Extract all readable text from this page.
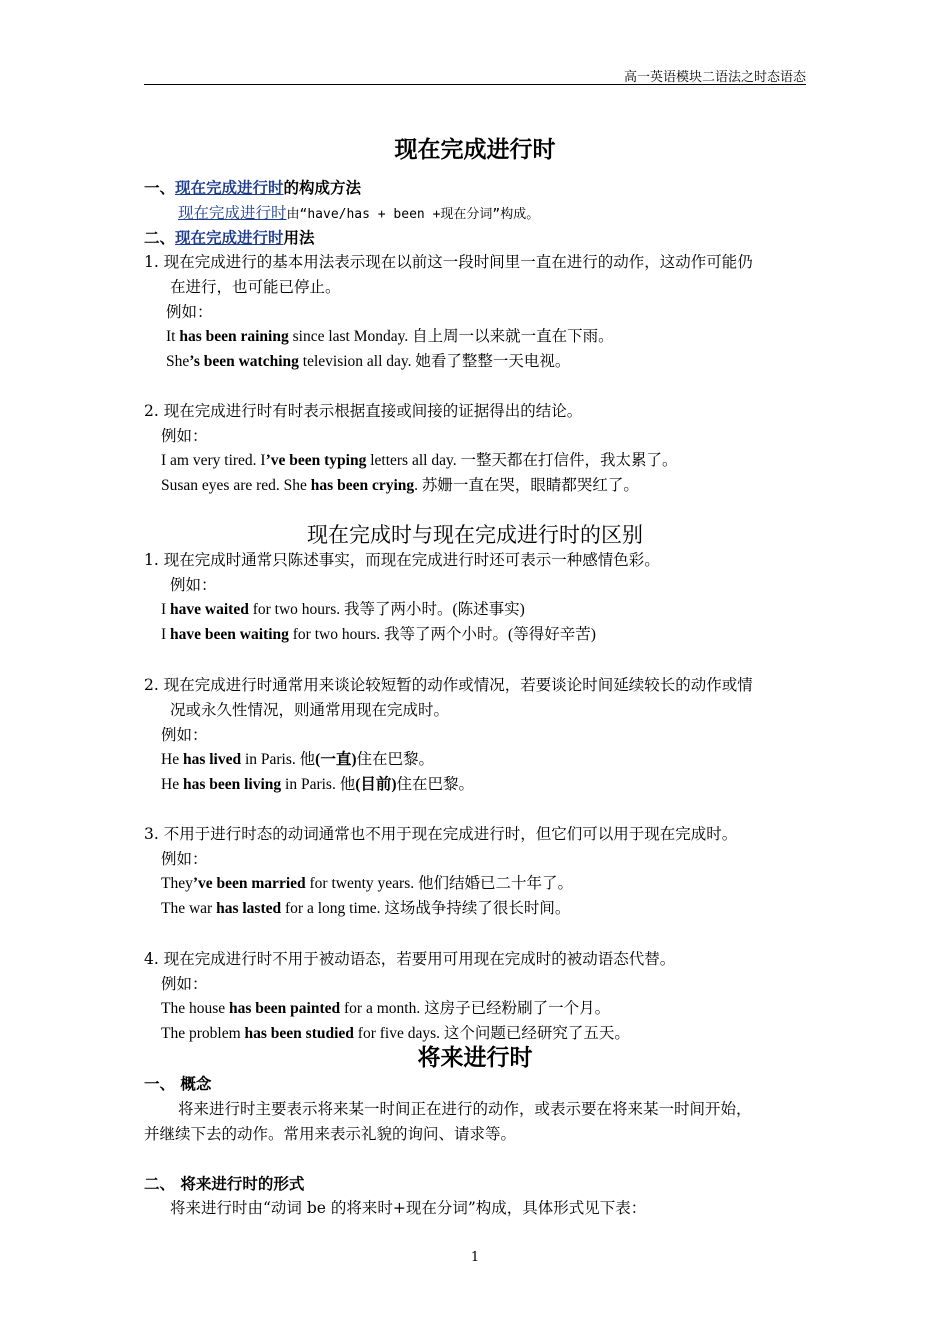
高一英语模块二语法之时态语态
现在完成进行时
一、现在完成进行时的构成方法
现在完成进行时由“have/has + been +现在分词”构成。
二、现在完成进行时用法
1. 现在完成进行的基本用法表示现在以前这一段时间里一直在进行的动作，这动作可能仍
在进行，也可能已停止。
例如：
It has been raining since last Monday. 自上周一以来就一直在下雨。
She’s been watching television all day. 她看了整整一天电视。
2. 现在完成进行时有时表示根据直接或间接的证据得出的结论。
例如：
I am very tired. I’ve been typing letters all day. 一整天都在打信件，我太累了。
Susan eyes are red. She has been crying. 苏姗一直在哭，眼睛都哭红了。
现在完成时与现在完成进行时的区别
1. 现在完成时通常只陈述事实，而现在完成进行时还可表示一种感情色彩。
例如：
I have waited for two hours. 我等了两小时。(陈述事实)
I have been waiting for two hours. 我等了两个小时。(等得好辛苦)
2. 现在完成进行时通常用来谈论较短暂的动作或情况，若要谈论时间延续较长的动作或情
况或永久性情况，则通常用现在完成时。
例如：
He has lived in Paris. 他(一直)住在巴黎。
He has been living in Paris. 他(目前)住在巴黎。
3. 不用于进行时态的动词通常也不用于现在完成进行时，但它们可以用于现在完成时。
例如：
They’ve been married for twenty years. 他们结婚已二十年了。
The war has lasted for a long time. 这场战争持续了很长时间。
4. 现在完成进行时不用于被动语态，若要用可用现在完成时的被动语态代替。
例如：
The house has been painted for a month. 这房子已经粉刷了一个月。
The problem has been studied for five days. 这个问题已经研究了五天。
将来进行时
一、 概念
将来进行时主要表示将来某一时间正在进行的动作，或表示要在将来某一时间开始，
并继续下去的动作。常用来表示礼貌的询问、请求等。
二、 将来进行时的形式
将来进行时由“动词 be 的将来时+现在分词”构成，具体形式见下表：
1
